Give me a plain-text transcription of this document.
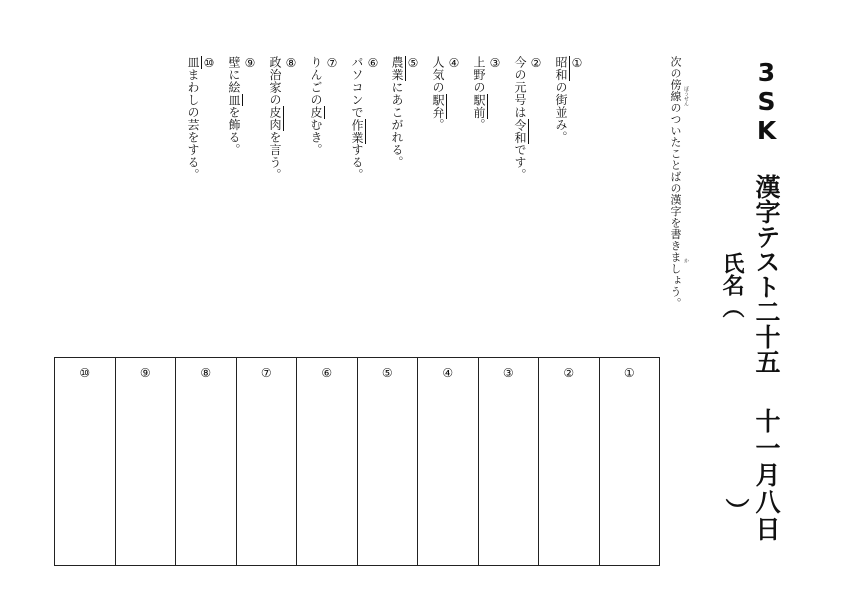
3SK 漢字テスト二十五
十一月八日
氏名（
）
次の傍線のついたことばの漢字を書きましょう。 ぼうせん
か
①
昭和の街並み。
②
今の元号は令和です。
③
上野の駅前。
④
人気の駅弁。
⑤
農業にあこがれる。
⑥
パソコンで作業する。
⑦
りんごの皮むき。
⑧
政治家の皮肉を言う。
⑨
壁に絵皿を飾る。
⑩
皿まわしの芸をする。
⑩	⑨	⑧	⑦	⑥	⑤	④	③	②	①
